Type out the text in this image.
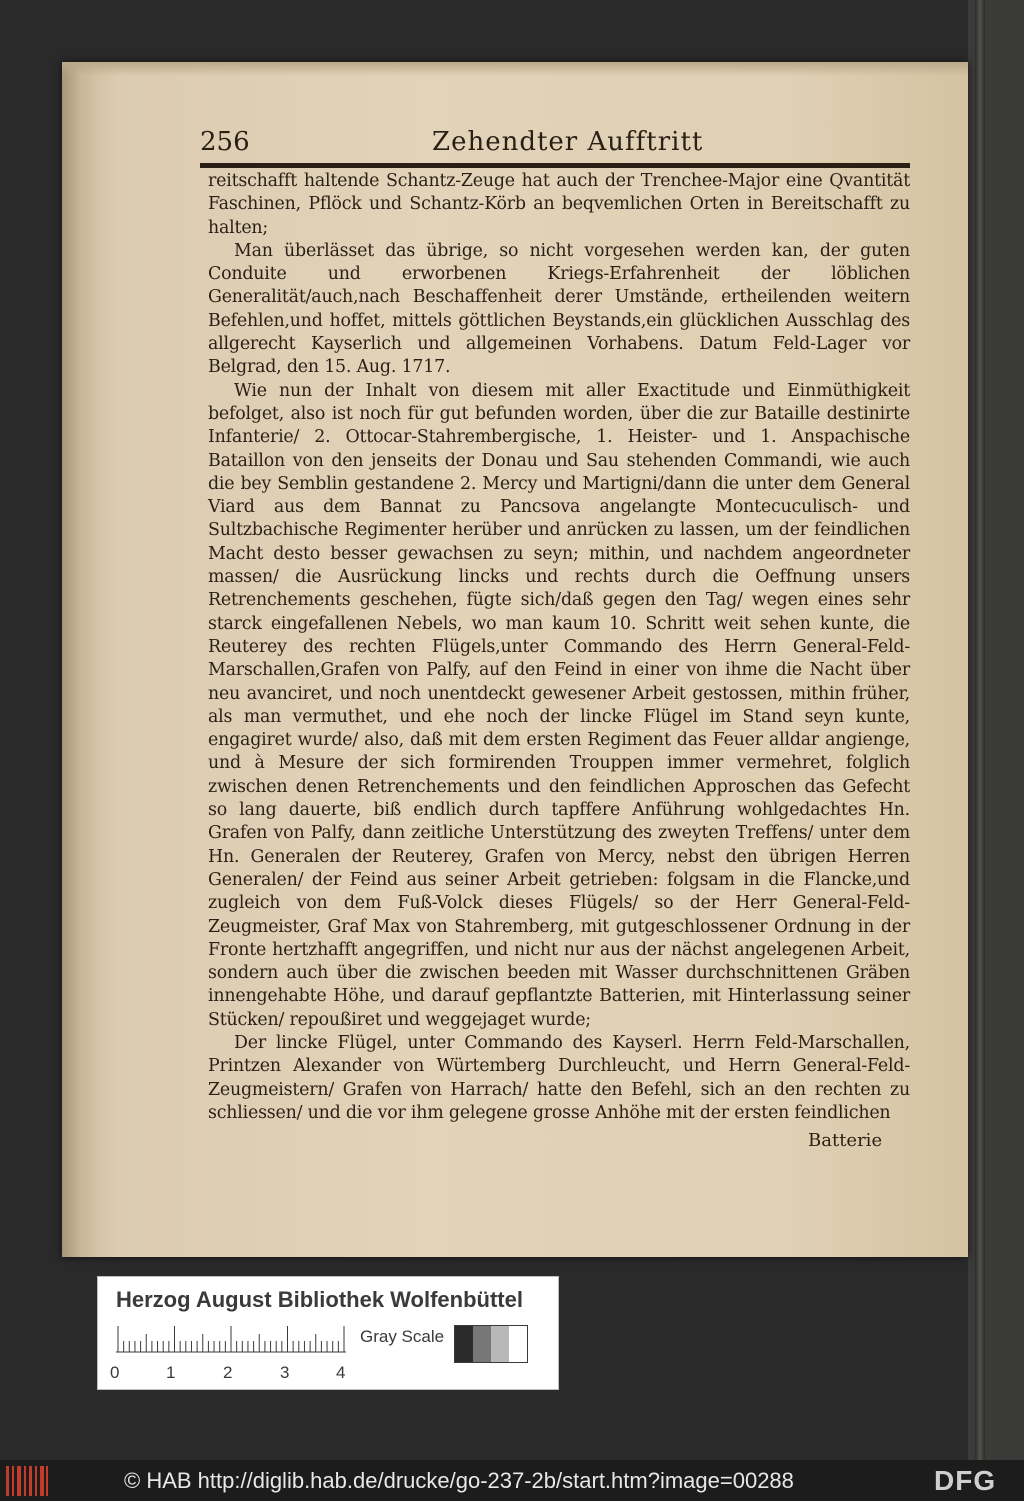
256	Zehendter Aufftritt

reitschafft haltende Schantz-Zeuge hat auch der Trenchee-Major eine Qvantität Faschinen, Pflöck und Schantz-Körb an beqvemlichen Orten in Bereitschafft zu halten;

Man überlässet das übrige, so nicht vorgesehen werden kan, der guten Conduite und erworbenen Kriegs-Erfahrenheit der löblichen Generalität/auch,nach Beschaffenheit derer Umstände, ertheilenden weitern Befehlen,und hoffet, mittels göttlichen Beystands,ein glücklichen Ausschlag des allgerecht Kayserlich und allgemeinen Vorhabens. Datum Feld-Lager vor Belgrad, den 15. Aug. 1717.

Wie nun der Inhalt von diesem mit aller Exactitude und Einmüthigkeit befolget, also ist noch für gut befunden worden, über die zur Bataille destinirte Infanterie/ 2. Ottocar-Stahrembergische, 1. Heister- und 1. Anspachische Bataillon von den jenseits der Donau und Sau stehenden Commandi, wie auch die bey Semblin gestandene 2. Mercy und Martigni/dann die unter dem General Viard aus dem Bannat zu Pancsova angelangte Montecuculisch- und Sultzbachische Regimenter herüber und anrücken zu lassen, um der feindlichen Macht desto besser gewachsen zu seyn; mithin, und nachdem angeordneter massen/ die Ausrückung lincks und rechts durch die Oeffnung unsers Retrenchements geschehen, fügte sich/daß gegen den Tag/ wegen eines sehr starck eingefallenen Nebels, wo man kaum 10. Schritt weit sehen kunte, die Reuterey des rechten Flügels,unter Commando des Herrn General-Feld-Marschallen,Grafen von Palfy, auf den Feind in einer von ihme die Nacht über neu avanciret, und noch unentdeckt gewesener Arbeit gestossen, mithin früher, als man vermuthet, und ehe noch der lincke Flügel im Stand seyn kunte, engagiret wurde/ also, daß mit dem ersten Regiment das Feuer alldar angienge, und à Mesure der sich formirenden Trouppen immer vermehret, folglich zwischen denen Retrenchements und den feindlichen Approschen das Gefecht so lang dauerte, biß endlich durch tapffere Anführung wohlgedachtes Hn. Grafen von Palfy, dann zeitliche Unterstützung des zweyten Treffens/ unter dem Hn. Generalen der Reuterey, Grafen von Mercy, nebst den übrigen Herren Generalen/ der Feind aus seiner Arbeit getrieben: folgsam in die Flancke,und zugleich von dem Fuß-Volck dieses Flügels/ so der Herr General-Feld-Zeugmeister, Graf Max von Stahremberg, mit gutgeschlossener Ordnung in der Fronte hertzhafft angegriffen, und nicht nur aus der nächst angelegenen Arbeit, sondern auch über die zwischen beeden mit Wasser durchschnittenen Gräben innengehabte Höhe, und darauf gepflantzte Batterien, mit Hinterlassung seiner Stücken/ repoußiret und weggejaget wurde;

Der lincke Flügel, unter Commando des Kayserl. Herrn Feld-Marschallen, Printzen Alexander von Würtemberg Durchleucht, und Herrn General-Feld-Zeugmeistern/ Grafen von Harrach/ hatte den Befehl, sich an den rechten zu schliessen/ und die vor ihm gelegene grosse Anhöhe mit der ersten feindlichen

Batterie
Herzog August Bibliothek Wolfenbüttel
Gray Scale
0	1	2	3	4
© HAB http://diglib.hab.de/drucke/go-237-2b/start.htm?image=00288	DFG
